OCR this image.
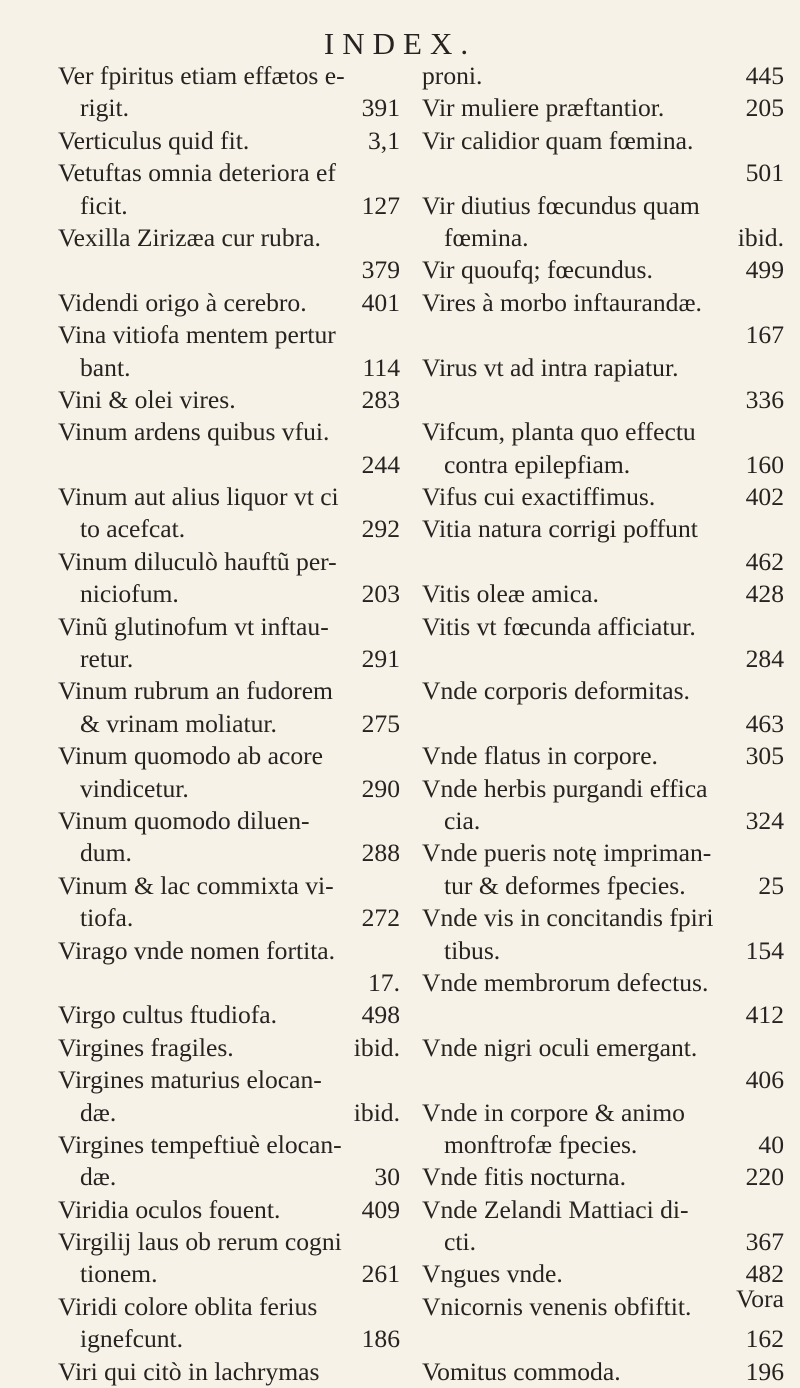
INDEX.
Ver fpiritus etiam effætos e-
rigit.	391
Verticulus quid fit.	3,1
Vetuftas omnia deteriora ef
ficit.	127
Vexilla Zirizæa cur rubra.
379
Videndi origo à cerebro. 401
Vina vitiofa mentem pertur
bant.	114
Vini & olei vires.	283
Vinum ardens quibus vfui.
244
Vinum aut alius liquor vt ci
to acefcat.	292
Vinum diluculò hauftũ per-
niciofum.	203
Vinũ glutinofum vt inftau-
retur.	291
Vinum rubrum an fudorem
& vrinam moliatur.	275
Vinum quomodo ab acore
vindicetur.	290
Vinum quomodo diluen-
dum.	288
Vinum & lac commixta vi-
tiofa.	272
Virago vnde nomen fortita.
17.
Virgo cultus ftudiofa.	498
Virgines fragiles.	ibid.
Virgines maturius elocan-
dæ.	ibid.
Virgines tempeftiuè elocan-
dæ.	30
Viridia oculos fouent.	409
Virgilij laus ob rerum cogni
tionem.	261
Viridi colore oblita ferius
ignefcunt.	186
Viri qui citò in lachrymas
proni.	445
Vir muliere præftantior.	205
Vir calidior quam fœmina.
501
Vir diutius fœcundus quam
fœmina.	ibid.
Vir quoufq; fœcundus.	499
Vires à morbo inftaurandæ.
167
Virus vt ad intra rapiatur.
336
Vifcum, planta quo effectu
contra epilepfiam.	160
Vifus cui exactiffimus.	402
Vitia natura corrigi poffunt
462
Vitis oleæ amica.	428
Vitis vt fœcunda afficiatur.
284
Vnde corporis deformitas.
463
Vnde flatus in corpore.	305
Vnde herbis purgandi effica
cia.	324
Vnde pueris notę impriman-
tur & deformes fpecies.	25
Vnde vis in concitandis fpiri
tibus.	154
Vnde membrorum defectus.
412
Vnde nigri oculi emergant.
406
Vnde in corpore & animo
monftrofæ fpecies.	40
Vnde fitis nocturna.	220
Vnde Zelandi Mattiaci di-
cti.	367
Vngues vnde.	482
Vnicornis venenis obfiftit.
162
Vomitus commoda.	196
Vora
